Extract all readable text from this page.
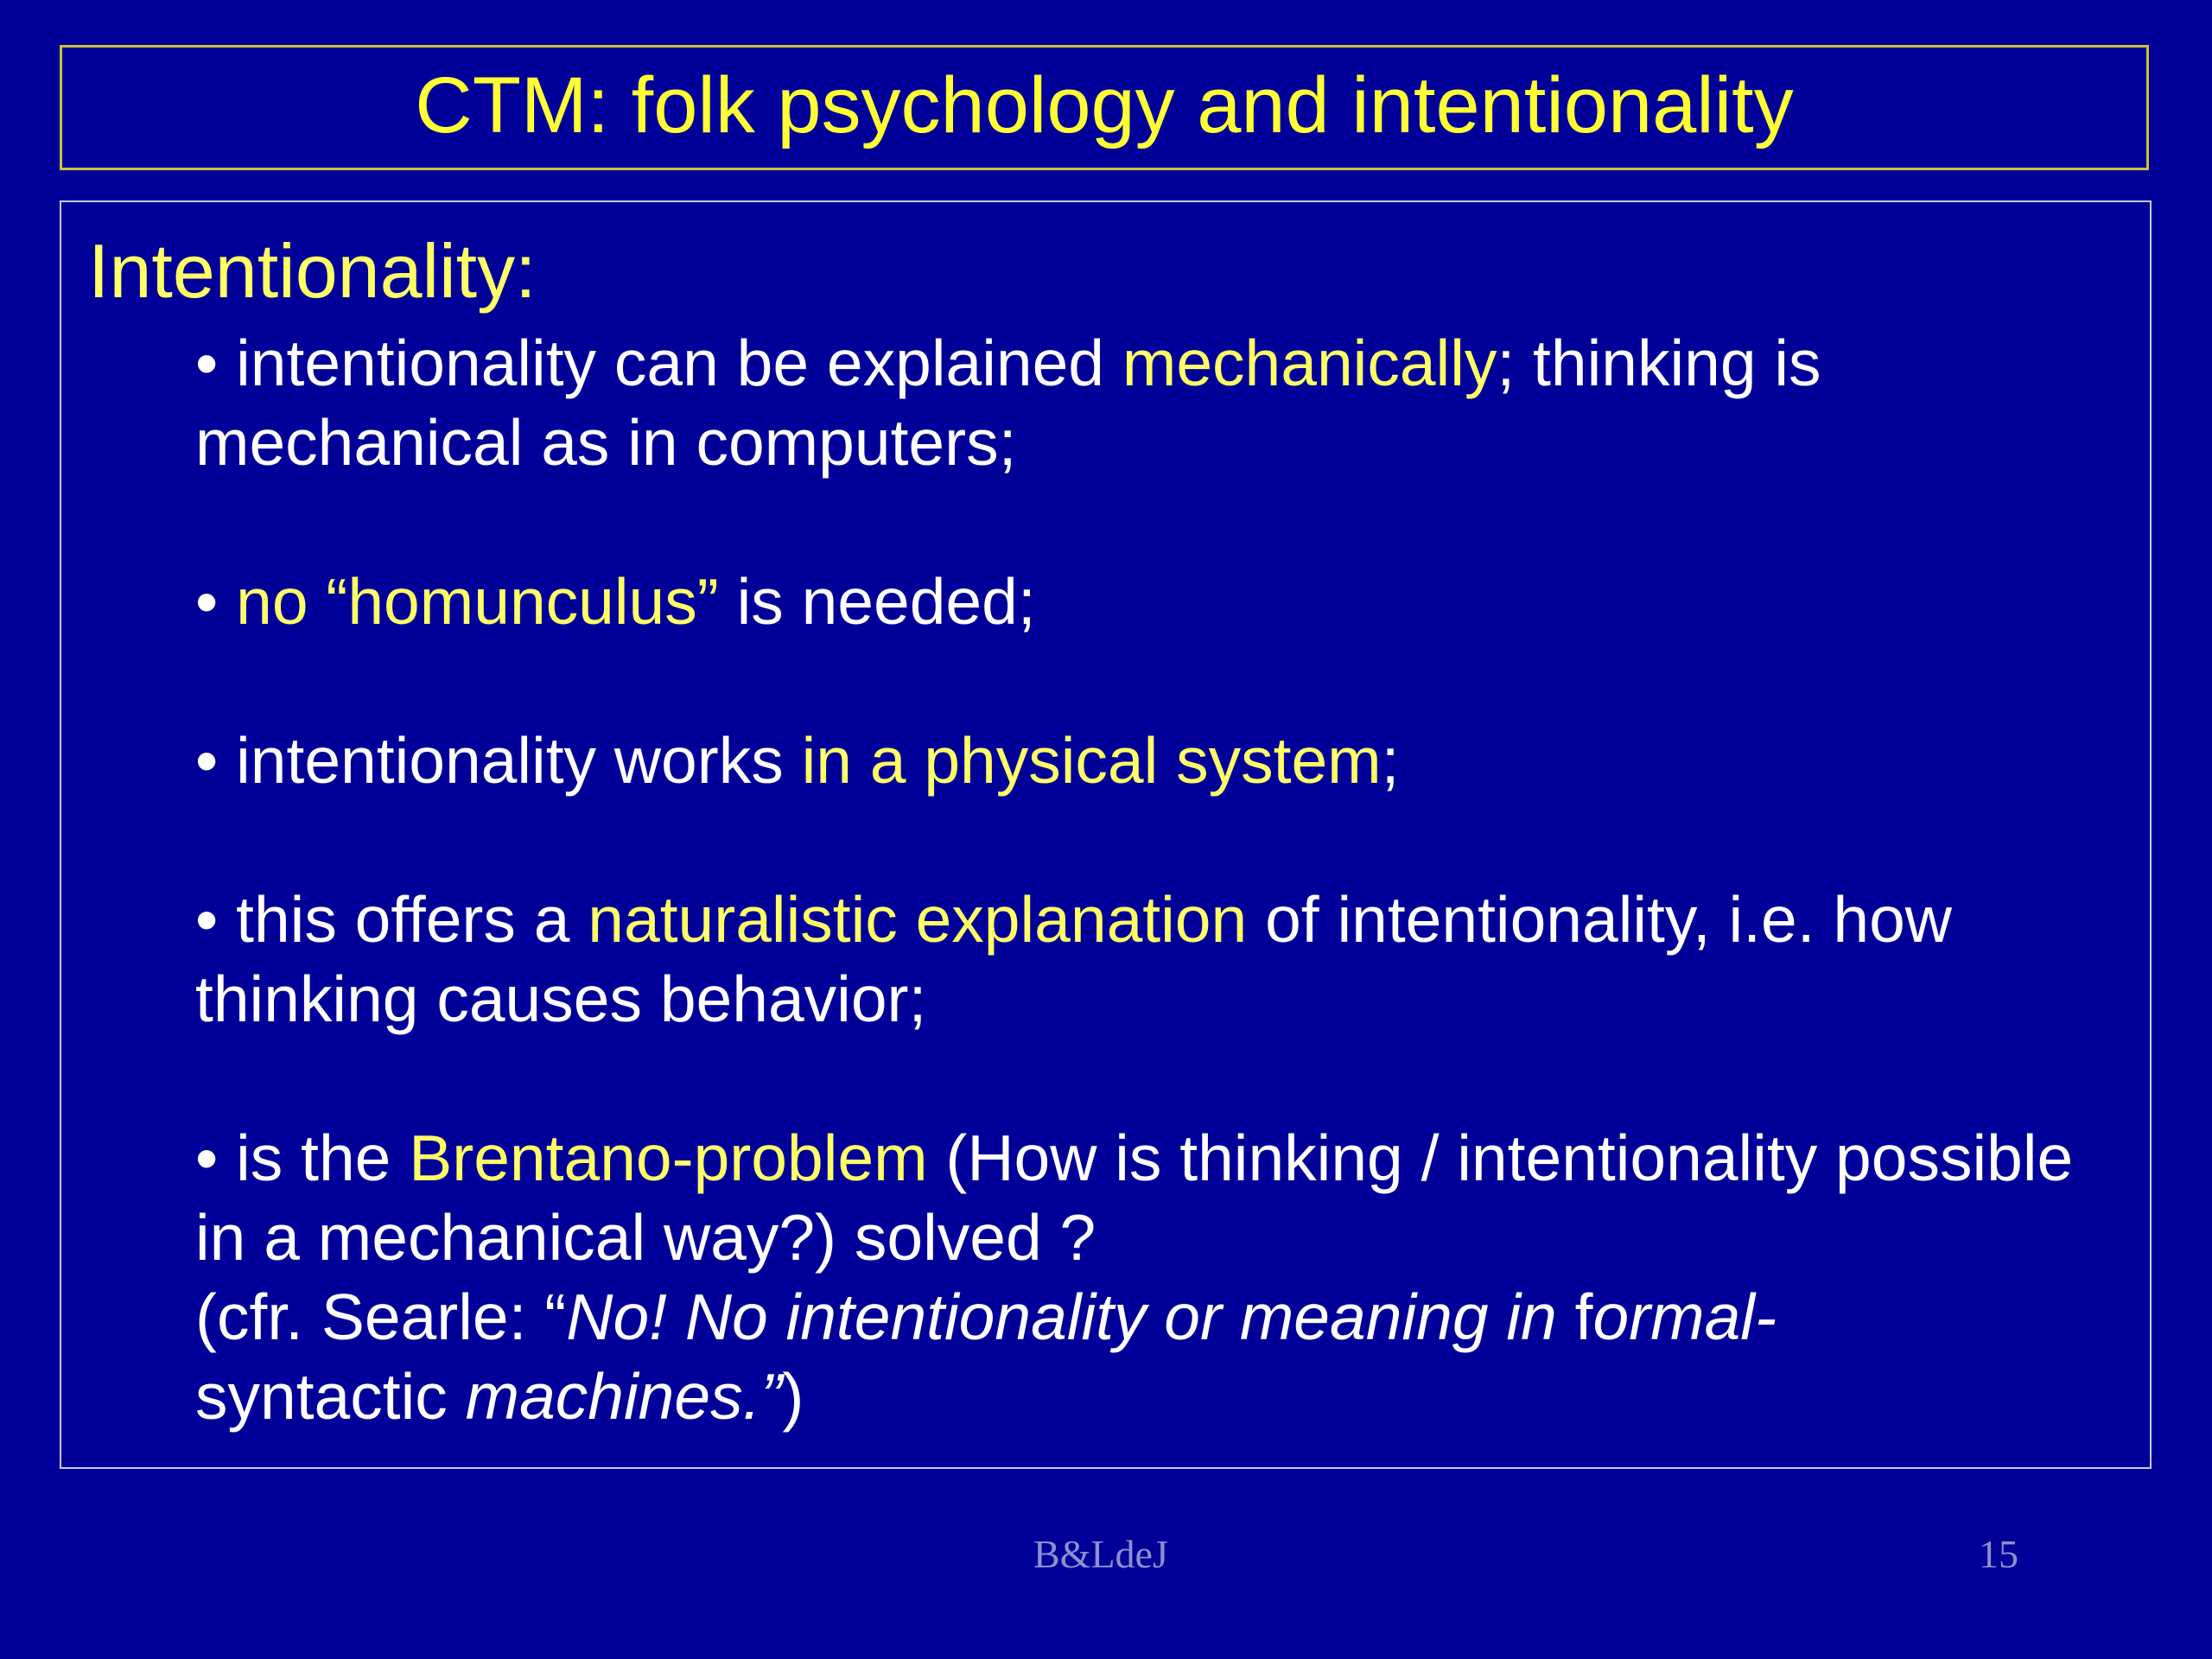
CTM: folk psychology and intentionality
Intentionality:

• intentionality can be explained mechanically; thinking is mechanical as in computers;

• no “homunculus” is needed;

• intentionality works in a physical system;

• this offers a naturalistic explanation of intentionality, i.e. how thinking causes behavior;

• is the Brentano-problem (How is thinking / intentionality possible in a mechanical way?) solved ?
(cfr. Searle: “No! No intentionality or meaning in formal-
syntactic machines.”)

B&LdeJ	15
